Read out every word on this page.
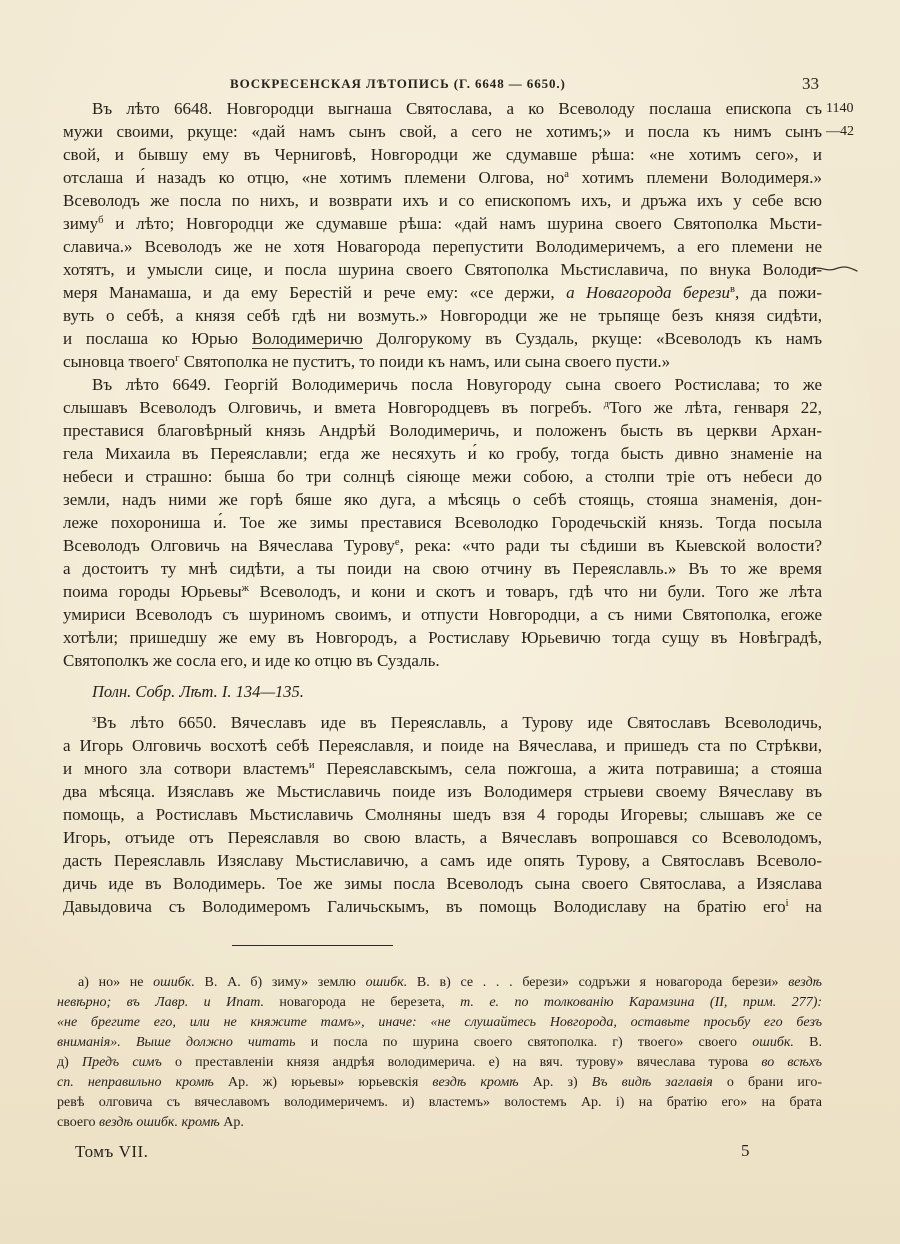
ВОСКРЕСЕНСКАЯ ЛѢТОПИСЬ (Г. 6648 — 6650.)	33
1140
—42
Въ лѣто 6648. Новгородци выгнаша Святослава, а ко Всеволоду послаша епископа съ
мужи своими, ркуще: «дай намъ сынъ свой, а сего не хотимъ;» и посла къ нимъ сынъ
свой, и бывшу ему въ Черниговѣ, Новгородци же сдумавше рѣша: «не хотимъ сего», и
отслаша и́ назадъ ко отцю, «не хотимъ племени Олгова, $но^а$ хотимъ племени Володимеря.»
Всеволодъ же посла по нихъ, и возврати ихъ и со епископомъ ихъ, и дръжа ихъ у себе всю
зиму$^б$ и лѣто; Новгородци же сдумавше рѣша: «дай намъ шурина своего Святополка Мьсти-
славича.» Всеволодъ же не хотя Новагорода перепустити Володимеричемъ, а его племени не
хотятъ, и умысли сице, и посла шурина своего Святополка Мьстиславича, по внука Володи-
меря Манамаша, и да ему Берестій и рече ему: «се держи, а Новагорода берези$^в$, да пожи-
вуть о себѣ, а князя себѣ гдѣ ни возмуть.» Новгородци же не трьпяще безъ князя сидѣти,
и послаша ко Юрью Володимеричю Долгорукому въ Суздаль, ркуще: «Всеволодъ къ намъ
сыновца твоего$^г$ Святополка не пуститъ, то поиди къ намъ, или сына своего пусти.»
Въ лѣто 6649. Георгій Володимеричь посла Новугороду сына своего Ростислава; то же
слышавъ Всеволодъ Олговичь, и вмета Новгородцевъ въ погребъ. $^д$Того же лѣта, генваря 22,
преставися благовѣрный князь Андрѣй Володимеричь, и положенъ бысть въ церкви Архан-
гела Михаила въ Переяславли; егда же несяхуть и́ ко гробу, тогда бысть дивно знаменіе на
небеси и страшно: быша бо три солнцѣ сіяюще межи собою, а столпи тріе отъ небеси до
земли, надъ ними же горѣ бяше яко дуга, а мѣсяць о себѣ стоящь, стояша знаменія, дон-
леже похорониша и́. Тое же зимы преставися Всеволодко Городечьскій князь. Тогда посыла
Всеволодъ Олговичь на Вячеслава Турову$^е$, река: «что ради ты сѣдиши въ Кыевской волости?
а достоитъ ту мнѣ сидѣти, а ты поиди на свою отчину въ Переяславль.» Въ то же время
поима городы Юрьевы$^ж$ Всеволодъ, и кони и скотъ и товаръ, гдѣ что ни були. Того же лѣта
умириси Всеволодъ съ шуриномъ своимъ, и отпусти Новгородци, а съ ними Святополка, егоже
хотѣли; пришедшу же ему въ Новгородъ, а Ростиславу Юрьевичю тогда сущу въ Новѣградѣ,
Святополкъ же сосла его, и иде ко отцю въ Суздаль.
Полн. Собр. Лѣт. I. 134—135.
$^з$Въ лѣто 6650. Вячеславъ иде въ Переяславль, а Турову иде Святославъ Всеволодичь,
а Игорь Олговичь восхотѣ себѣ Переяславля, и поиде на Вячеслава, и пришедъ ста по Стрѣкви,
и много зла сотвори властемъ$^и$ Переяславскымъ, села пожгоша, а жита потравиша; а стояша
два мѣсяца. Изяславъ же Мьстиславичь поиде изъ Володимеря стрыеви своему Вячеславу въ
помощь, а Ростиславъ Мьстиславичь Смолняны шедъ взя 4 городы Игоревы; слышавъ же се
Игорь, отъиде отъ Переяславля во свою власть, а Вячеславъ вопрошався со Всеволодомъ,
дасть Переяславль Изяславу Мьстиславичю, а самъ иде опять Турову, а Святославъ Всеволо-
дичь иде въ Володимерь. Тое же зимы посла Всеволодъ сына своего Святослава, а Изяслава
Давыдовича съ Володимеромъ Галичьскымъ, въ помощь Володиславу на братію его$^і$ на
а) но» не ошибк. В. А. б) зиму» землю ошибк. В. в) се . . . берези» содръжи я новагорода берези» вездѣ
невѣрно; въ Лавр. и Ипат. новагорода не березета, т. е. по толкованію Карамзина (II, прим. 277):
«не брегите его, или не княжите тамъ», иначе: «не слушайтесь Новгорода, оставьте просьбу его безъ
вниманія». Выше должно читать и посла по шурина своего святополка. г) твоего» своего ошибк. В.
д) Предъ симъ о преставленіи князя андрѣя володимерича. е) на вяч. турову» вячеслава турова во всѣхъ
сп. неправильно кромѣ Ар. ж) юрьевы» юрьевскія вездѣ кромѣ Ар. з) Въ видѣ заглавія о брани иго-
ревѣ олговича съ вячеславомъ володимеричемъ. и) властемъ» волостемъ Ар. і) на братію его» на брата
своего вездѣ ошибк. кромѣ Ар.
Томъ VII.	5
